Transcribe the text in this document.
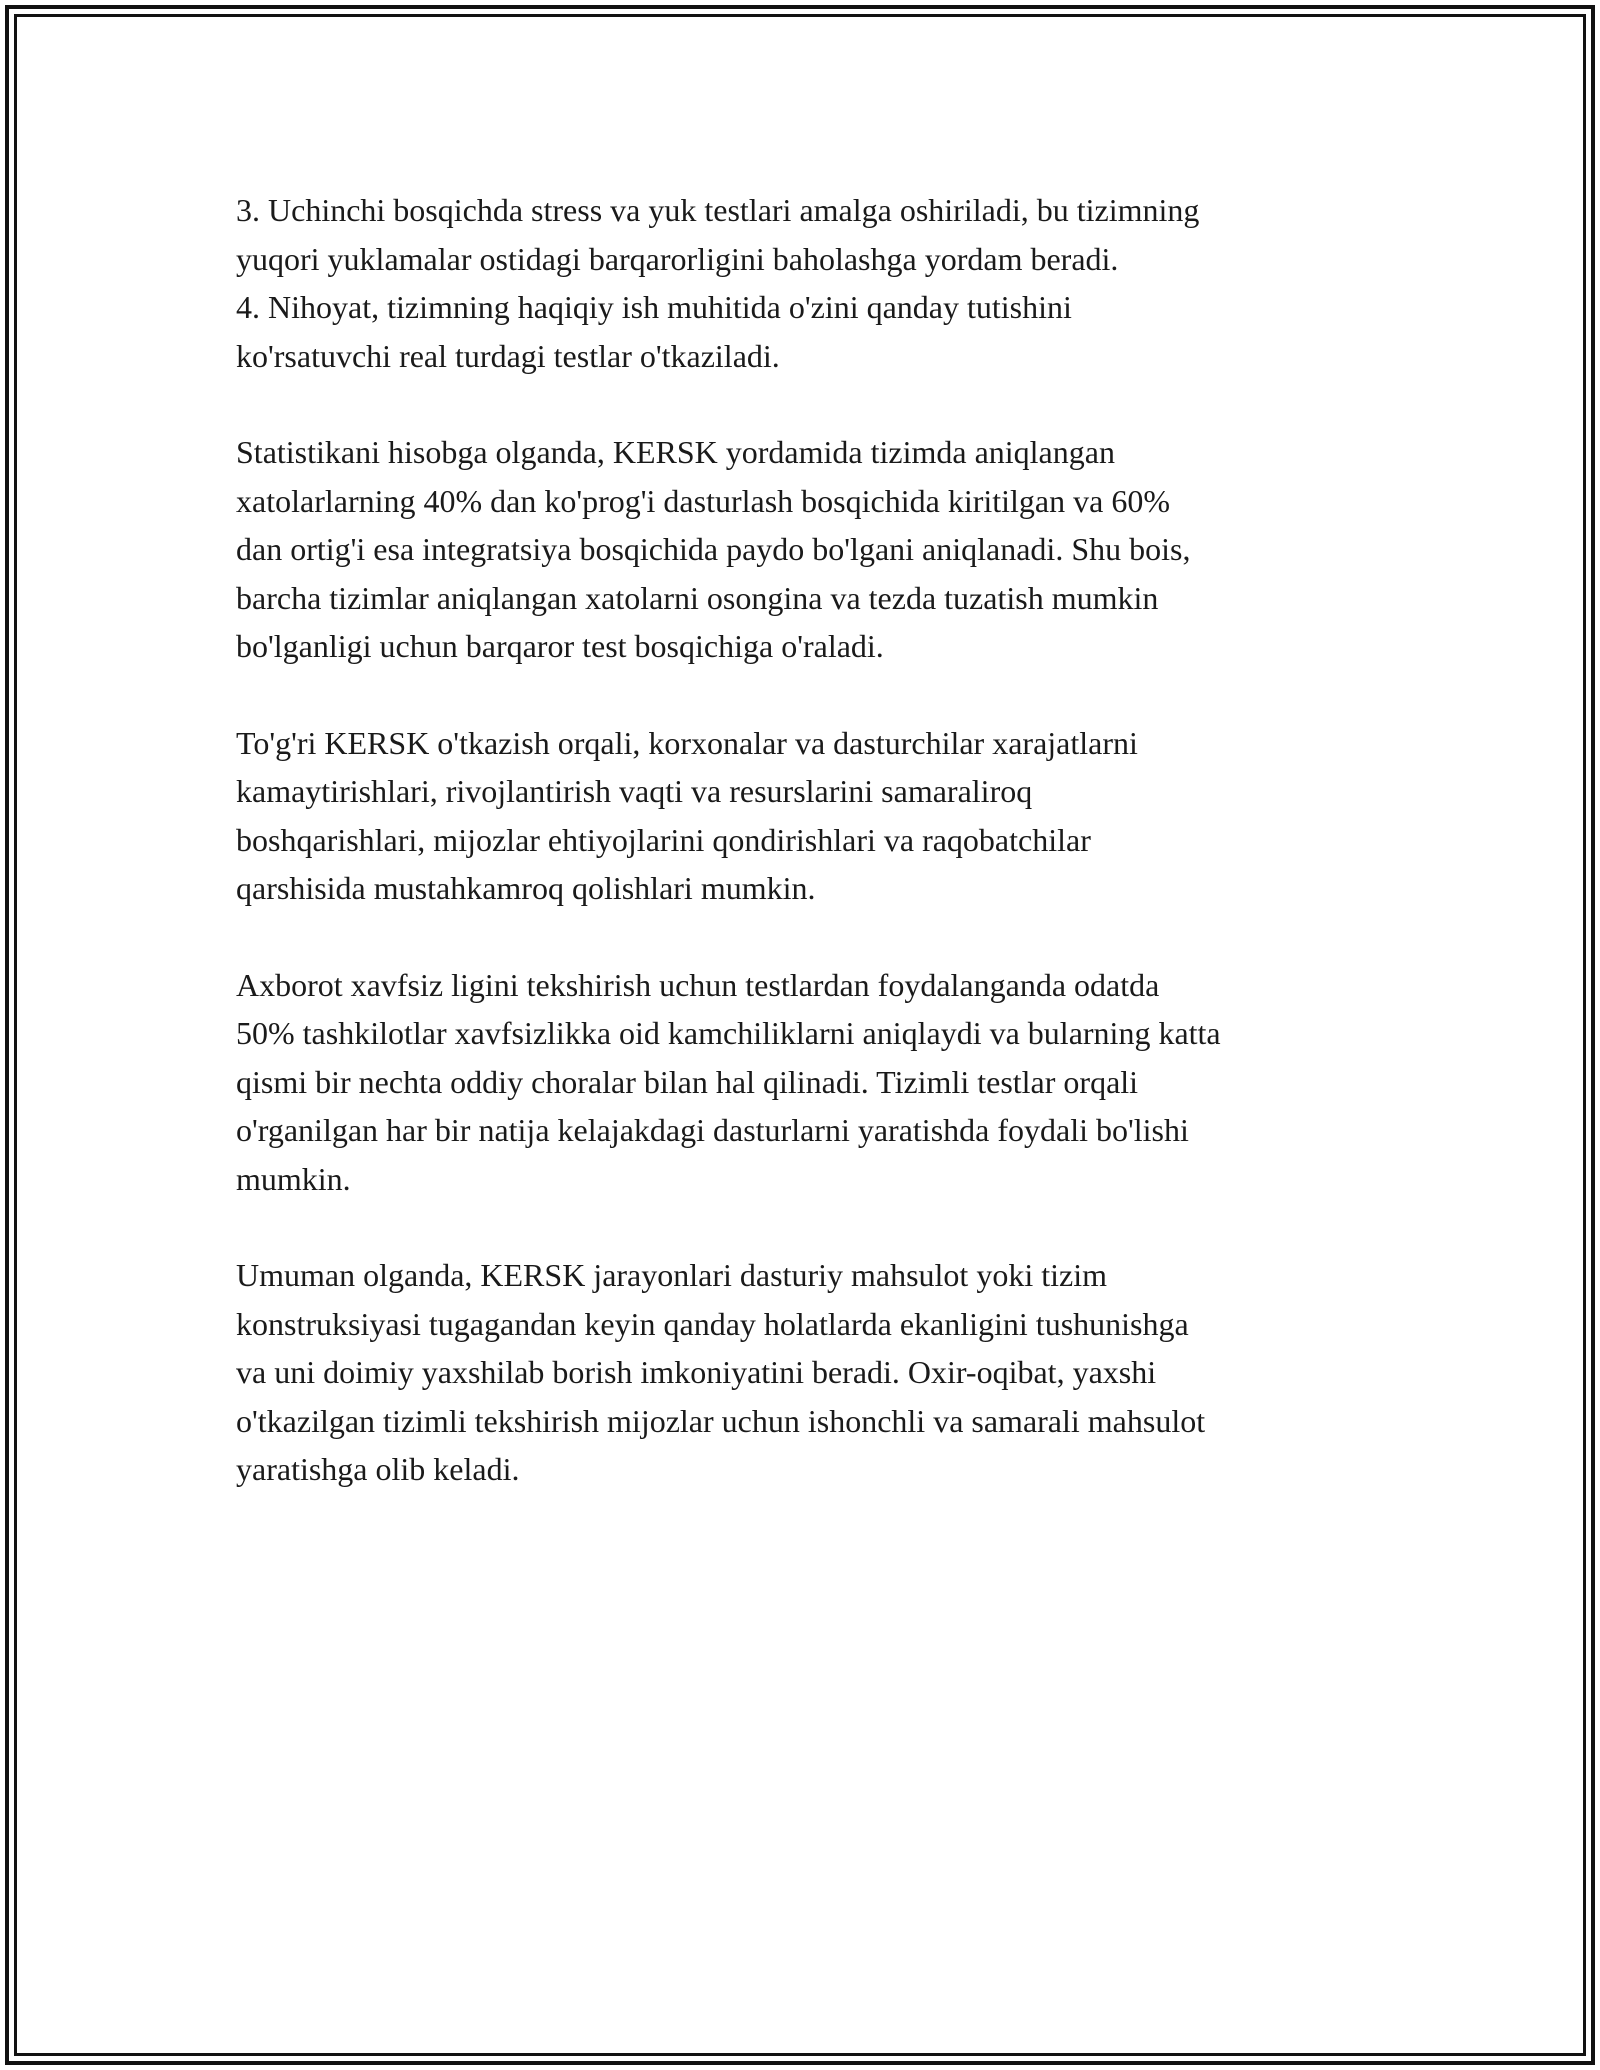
3. Uchinchi bosqichda stress va yuk testlari amalga oshiriladi, bu tizimning
yuqori yuklamalar ostidagi barqarorligini baholashga yordam beradi.
4. Nihoyat, tizimning haqiqiy ish muhitida o'zini qanday tutishini
ko'rsatuvchi real turdagi testlar o'tkaziladi.

Statistikani hisobga olganda, KERSK yordamida tizimda aniqlangan
xatolarlarning 40% dan ko'prog'i dasturlash bosqichida kiritilgan va 60%
dan ortig'i esa integratsiya bosqichida paydo bo'lgani aniqlanadi. Shu bois,
barcha tizimlar aniqlangan xatolarni osongina va tezda tuzatish mumkin
bo'lganligi uchun barqaror test bosqichiga o'raladi.

To'g'ri KERSK o'tkazish orqali, korxonalar va dasturchilar xarajatlarni
kamaytirishlari, rivojlantirish vaqti va resurslarini samaraliroq
boshqarishlari, mijozlar ehtiyojlarini qondirishlari va raqobatchilar
qarshisida mustahkamroq qolishlari mumkin.

Axborot xavfsiz ligini tekshirish uchun testlardan foydalanganda odatda
50% tashkilotlar xavfsizlikka oid kamchiliklarni aniqlaydi va bularning katta
qismi bir nechta oddiy choralar bilan hal qilinadi. Tizimli testlar orqali
o'rganilgan har bir natija kelajakdagi dasturlarni yaratishda foydali bo'lishi
mumkin.

Umuman olganda, KERSK jarayonlari dasturiy mahsulot yoki tizim
konstruksiyasi tugagandan keyin qanday holatlarda ekanligini tushunishga
va uni doimiy yaxshilab borish imkoniyatini beradi. Oxir-oqibat, yaxshi
o'tkazilgan tizimli tekshirish mijozlar uchun ishonchli va samarali mahsulot
yaratishga olib keladi.
